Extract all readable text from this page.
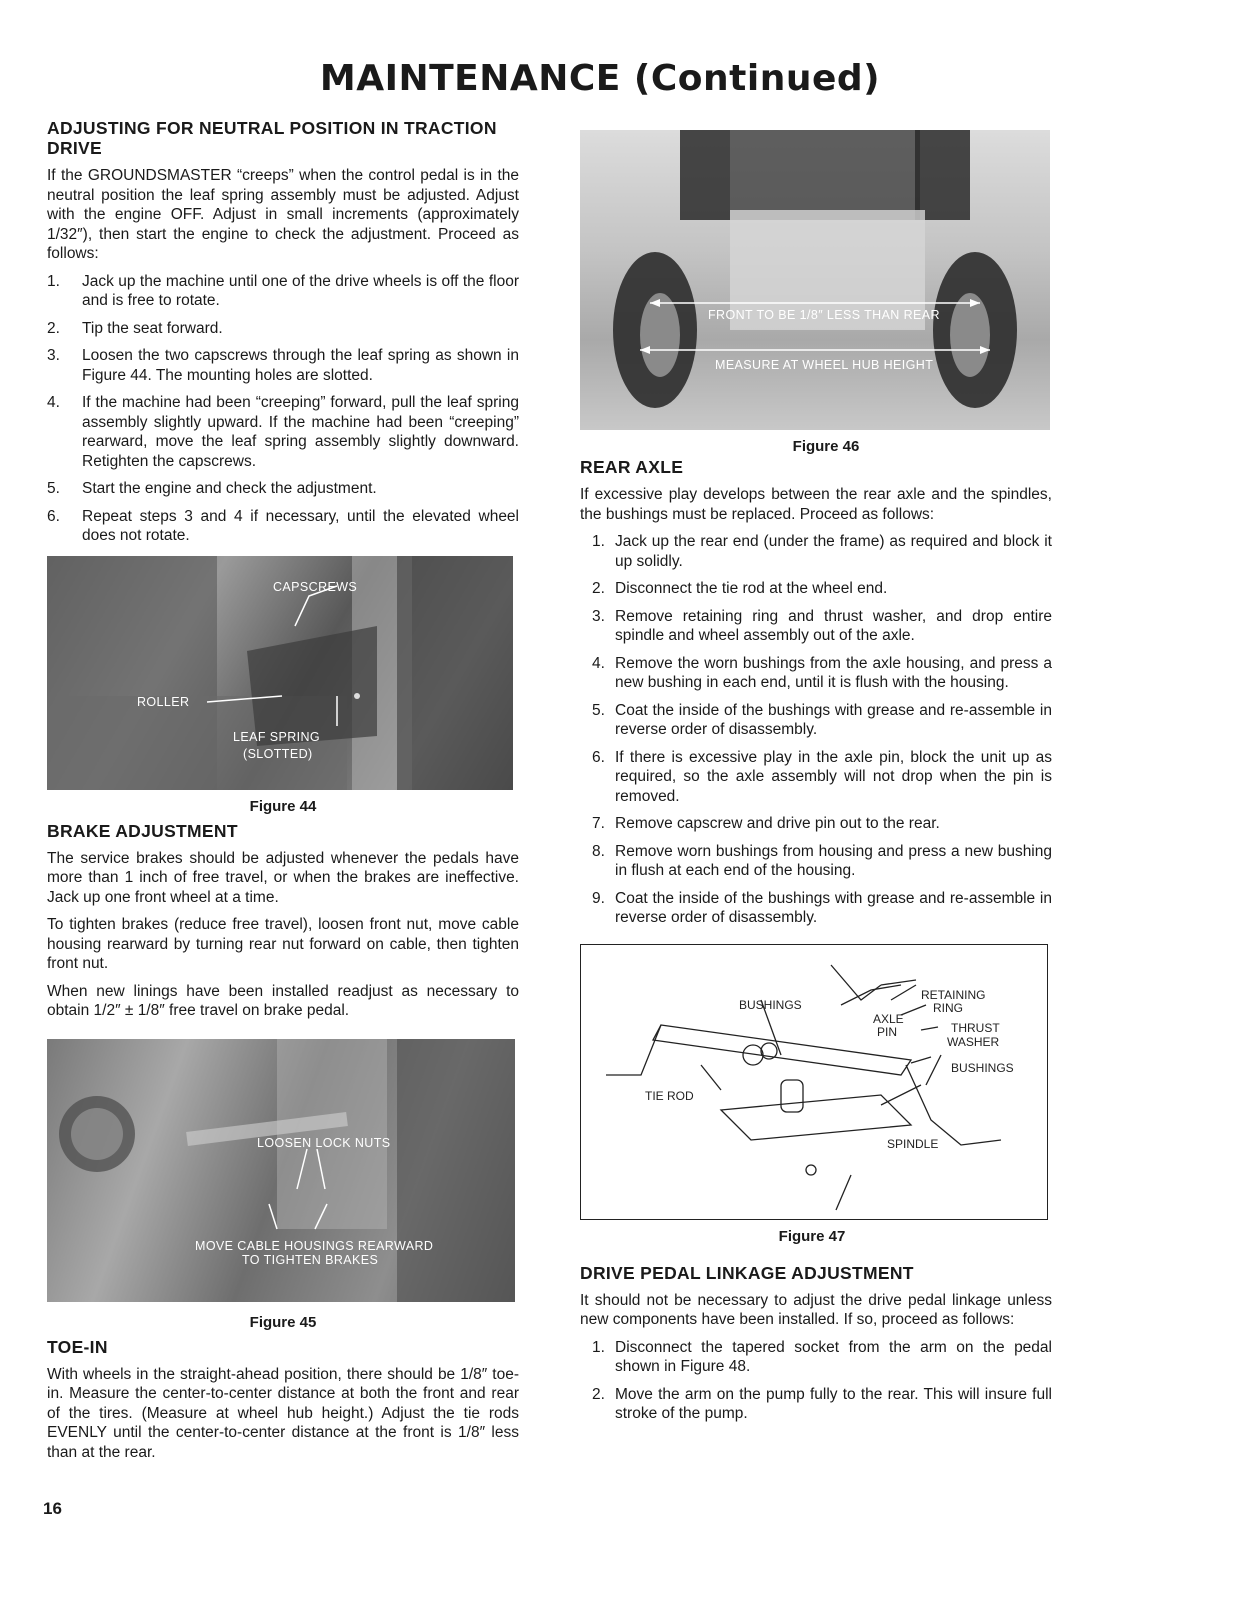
MAINTENANCE (Continued)
ADJUSTING FOR NEUTRAL POSITION IN TRACTION DRIVE

If the GROUNDSMASTER “creeps” when the control pedal is in the neutral position the leaf spring assembly must be adjusted. Adjust with the engine OFF. Adjust in small increments (approximately 1/32″), then start the engine to check the adjustment. Proceed as follows:

1. Jack up the machine until one of the drive wheels is off the floor and is free to rotate.
2. Tip the seat forward.
3. Loosen the two capscrews through the leaf spring as shown in Figure 44. The mounting holes are slotted.
4. If the machine had been “creeping” forward, pull the leaf spring assembly slightly upward. If the machine had been “creeping” rearward, move the leaf spring assembly slightly downward. Retighten the capscrews.
5. Start the engine and check the adjustment.
6. Repeat steps 3 and 4 if necessary, until the elevated wheel does not rotate.
CAPSCREWS
ROLLER
LEAF SPRING
(SLOTTED)
Figure 44
BRAKE ADJUSTMENT

The service brakes should be adjusted whenever the pedals have more than 1 inch of free travel, or when the brakes are ineffective. Jack up one front wheel at a time.

To tighten brakes (reduce free travel), loosen front nut, move cable housing rearward by turning rear nut forward on cable, then tighten front nut.

When new linings have been installed readjust as necessary to obtain 1/2″ ± 1/8″ free travel on brake pedal.

LOOSEN LOCK NUTS
MOVE CABLE HOUSINGS REARWARD
TO TIGHTEN BRAKES
Figure 45
TOE-IN

With wheels in the straight-ahead position, there should be 1/8″ toe-in. Measure the center-to-center distance at both the front and rear of the tires. (Measure at wheel hub height.) Adjust the tie rods EVENLY until the center-to-center distance at the front is 1/8″ less than at the rear.

FRONT TO BE 1/8″ LESS THAN REAR
MEASURE AT WHEEL HUB HEIGHT
Figure 46
REAR AXLE

If excessive play develops between the rear axle and the spindles, the bushings must be replaced. Proceed as follows:

1. Jack up the rear end (under the frame) as required and block it up solidly.
2. Disconnect the tie rod at the wheel end.
3. Remove retaining ring and thrust washer, and drop entire spindle and wheel assembly out of the axle.
4. Remove the worn bushings from the axle housing, and press a new bushing in each end, until it is flush with the housing.
5. Coat the inside of the bushings with grease and re-assemble in reverse order of disassembly.
6. If there is excessive play in the axle pin, block the unit up as required, so the axle assembly will not drop when the pin is removed.
7. Remove capscrew and drive pin out to the rear.
8. Remove worn bushings from housing and press a new bushing in flush at each end of the housing.
9. Coat the inside of the bushings with grease and re-assemble in reverse order of disassembly.
BUSHINGS
RETAINING
RING
AXLE
PIN	THRUST
WASHER
BUSHINGS
TIE ROD
SPINDLE
Figure 47
DRIVE PEDAL LINKAGE ADJUSTMENT

It should not be necessary to adjust the drive pedal linkage unless new components have been installed. If so, proceed as follows:

1. Disconnect the tapered socket from the arm on the pedal shown in Figure 48.
2. Move the arm on the pump fully to the rear. This will insure full stroke of the pump.
16
